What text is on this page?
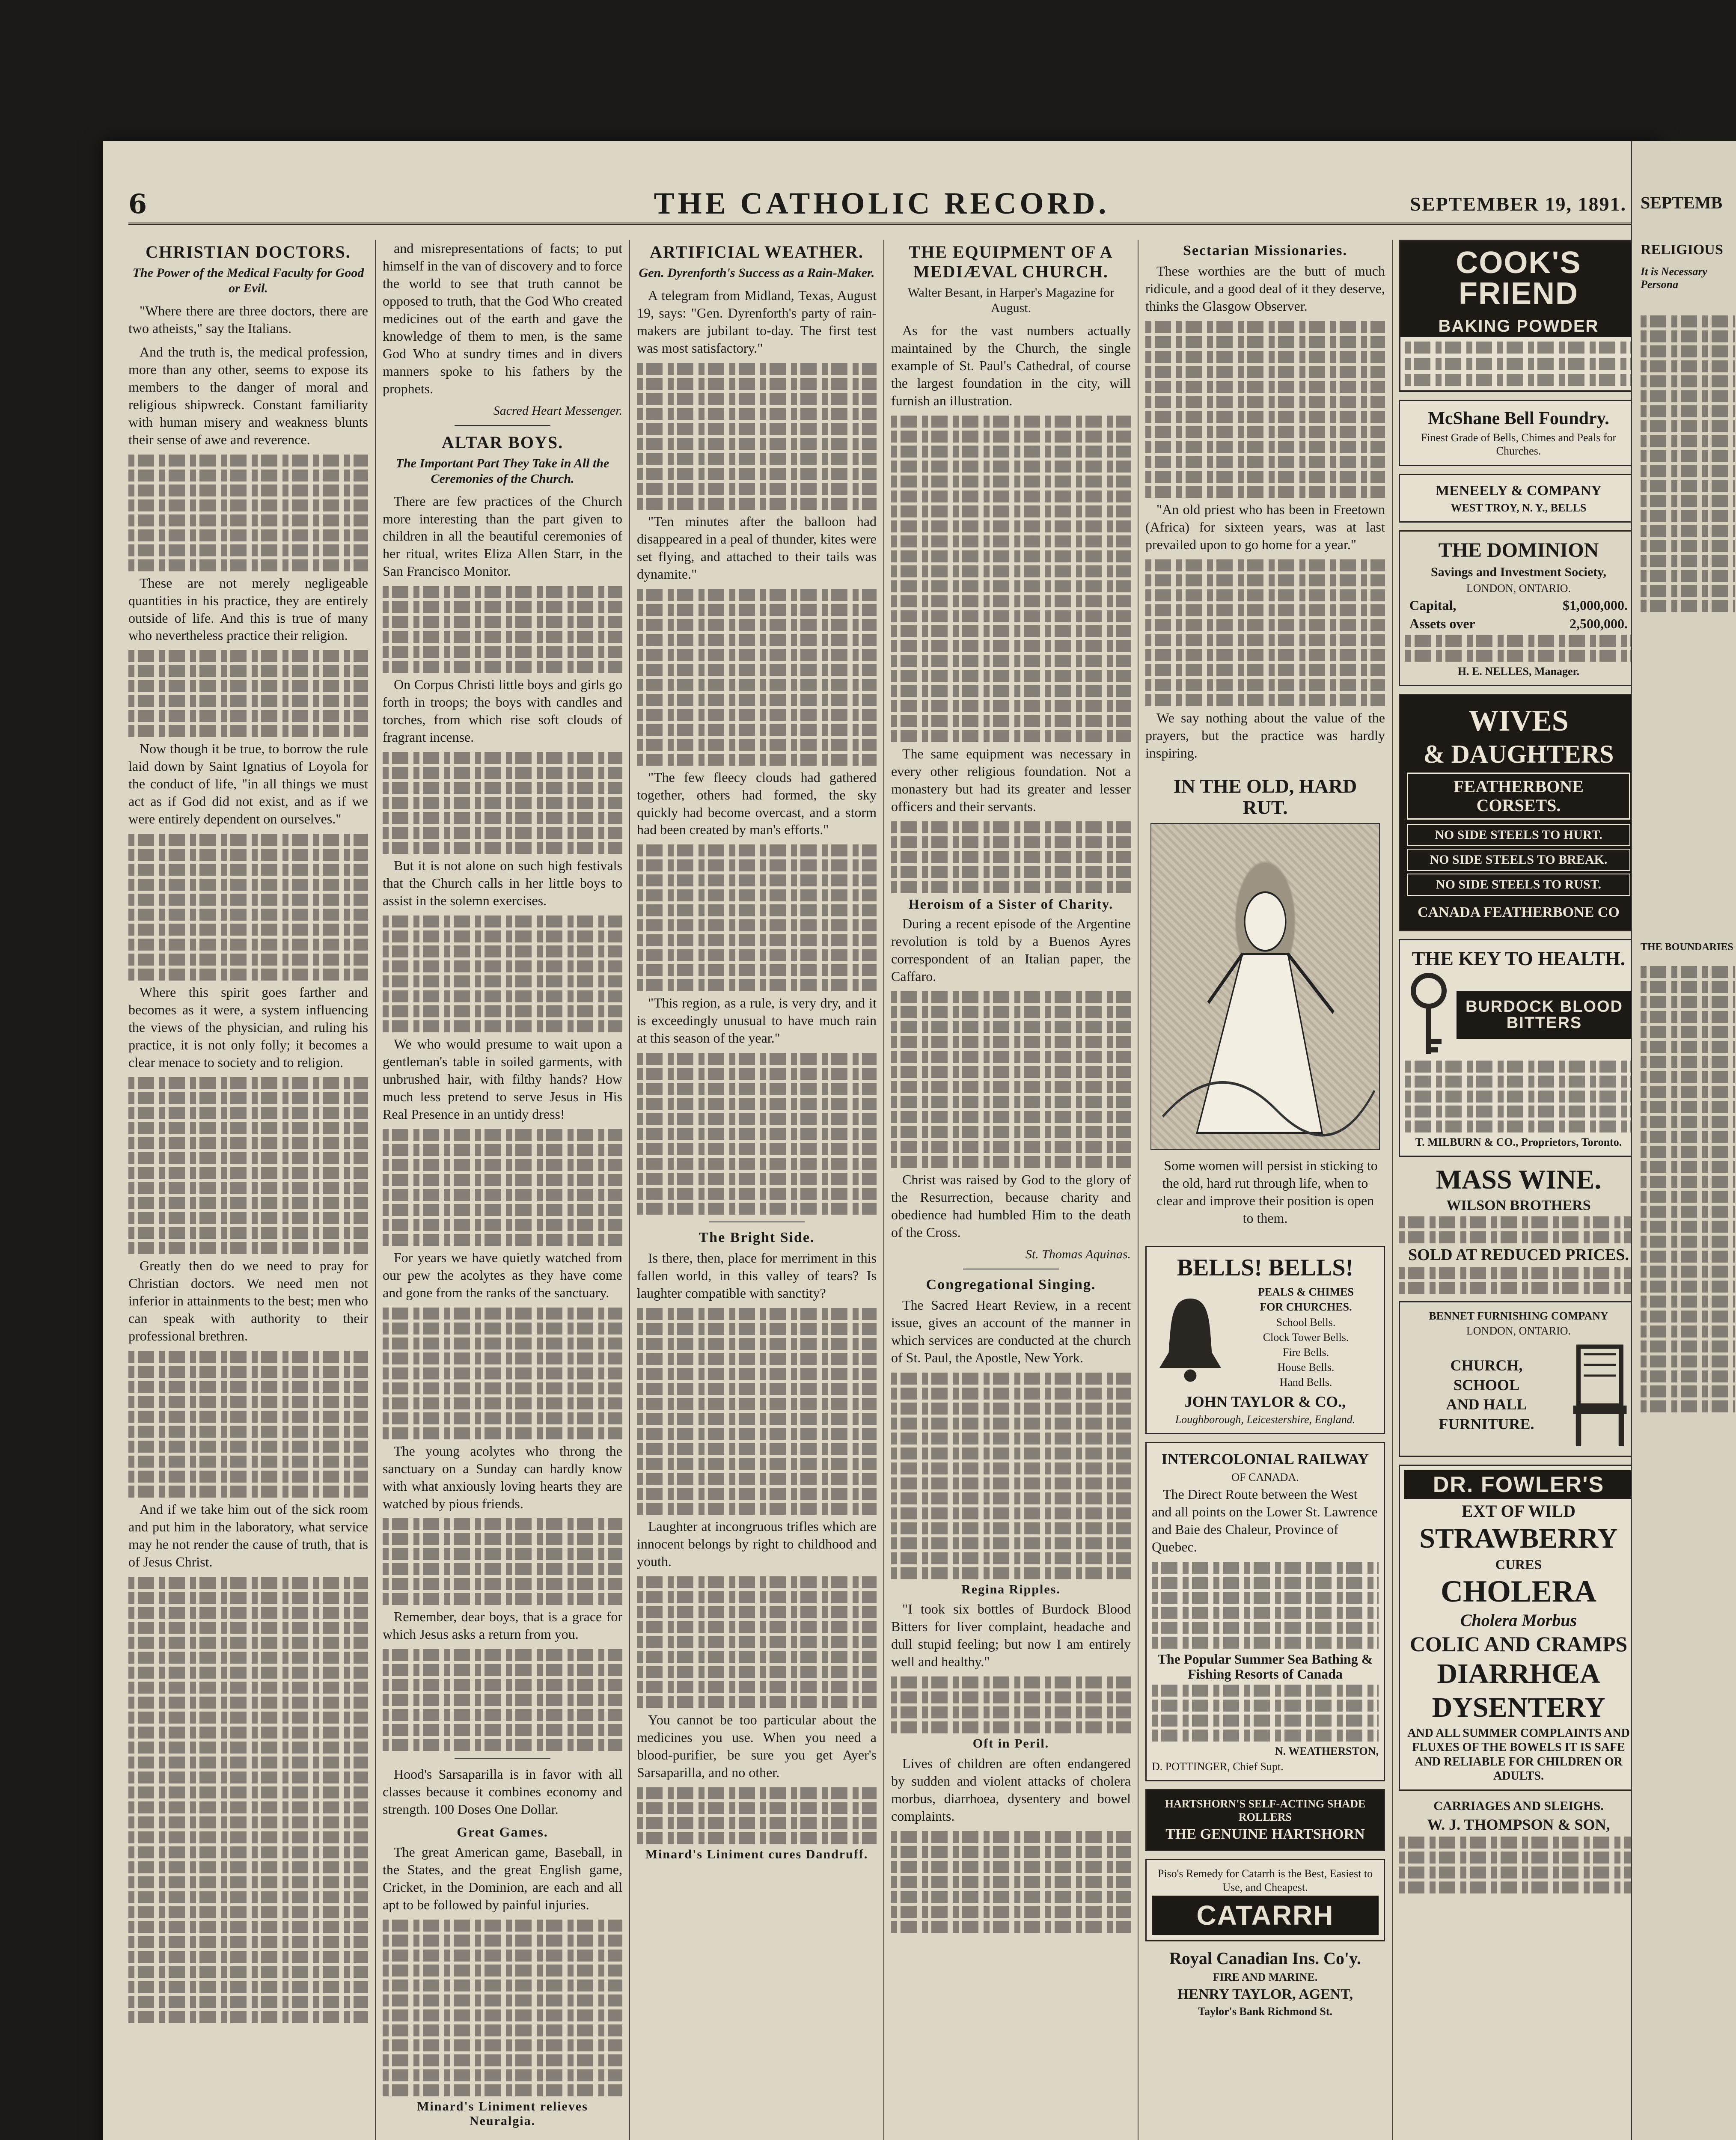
6	THE CATHOLIC RECORD.	SEPTEMBER 19, 1891.
CHRISTIAN DOCTORS.
The Power of the Medical Faculty for Good or Evil.

"Where there are three doctors, there are two atheists," say the Italians.

And the truth is, the medical profession, more than any other, seems to expose its members to the danger of moral and religious shipwreck. Constant familiarity with human misery and weakness blunts their sense of awe and reverence.

These are not merely negligeable quantities in his practice, they are entirely outside of life. And this is true of many who nevertheless practice their religion.

Now though it be true, to borrow the rule laid down by Saint Ignatius of Loyola for the conduct of life, "in all things we must act as if God did not exist, and as if we were entirely dependent on ourselves."

Where this spirit goes farther and becomes as it were, a system influencing the views of the physician, and ruling his practice, it is not only folly; it becomes a clear menace to society and to religion.

Greatly then do we need to pray for Christian doctors. We need men not inferior in attainments to the best; men who can speak with authority to their professional brethren.

And if we take him out of the sick room and put him in the laboratory, what service may he not render the cause of truth, that is of Jesus Christ.

and misrepresentations of facts; to put himself in the van of discovery and to force the world to see that truth cannot be opposed to truth, that the God Who created medicines out of the earth and gave the knowledge of them to men, is the same God Who at sundry times and in divers manners spoke to his fathers by the prophets.

Sacred Heart Messenger.
ALTAR BOYS.
The Important Part They Take in All the Ceremonies of the Church.

There are few practices of the Church more interesting than the part given to children in all the beautiful ceremonies of her ritual, writes Eliza Allen Starr, in the San Francisco Monitor.

On Corpus Christi little boys and girls go forth in troops; the boys with candles and torches, from which rise soft clouds of fragrant incense.

But it is not alone on such high festivals that the Church calls in her little boys to assist in the solemn exercises.

We who would presume to wait upon a gentleman's table in soiled garments, with unbrushed hair, with filthy hands? How much less pretend to serve Jesus in His Real Presence in an untidy dress!

For years we have quietly watched from our pew the acolytes as they have come and gone from the ranks of the sanctuary.

The young acolytes who throng the sanctuary on a Sunday can hardly know with what anxiously loving hearts they are watched by pious friends.

Remember, dear boys, that is a grace for which Jesus asks a return from you.

Hood's Sarsaparilla is in favor with all classes because it combines economy and strength. 100 Doses One Dollar.

Great Games.

The great American game, Baseball, in the States, and the great English game, Cricket, in the Dominion, are each and all apt to be followed by painful injuries.

Minard's Liniment relieves Neuralgia.
ARTIFICIAL WEATHER.
Gen. Dyrenforth's Success as a Rain-Maker.

A telegram from Midland, Texas, August 19, says: "Gen. Dyrenforth's party of rain-makers are jubilant to-day. The first test was most satisfactory."

"Ten minutes after the balloon had disappeared in a peal of thunder, kites were set flying, and attached to their tails was dynamite."

"The few fleecy clouds had gathered together, others had formed, the sky quickly had become overcast, and a storm had been created by man's efforts."

"This region, as a rule, is very dry, and it is exceedingly unusual to have much rain at this season of the year."

The Bright Side.

Is there, then, place for merriment in this fallen world, in this valley of tears? Is laughter compatible with sanctity?

Laughter at incongruous trifles which are innocent belongs by right to childhood and youth.

You cannot be too particular about the medicines you use. When you need a blood-purifier, be sure you get Ayer's Sarsaparilla, and no other.

Minard's Liniment cures Dandruff.
THE EQUIPMENT OF A MEDIÆVAL CHURCH.
Walter Besant, in Harper's Magazine for August.

As for the vast numbers actually maintained by the Church, the single example of St. Paul's Cathedral, of course the largest foundation in the city, will furnish an illustration.

The same equipment was necessary in every other religious foundation. Not a monastery but had its greater and lesser officers and their servants.

Heroism of a Sister of Charity.

During a recent episode of the Argentine revolution is told by a Buenos Ayres correspondent of an Italian paper, the Caffaro.

Christ was raised by God to the glory of the Resurrection, because charity and obedience had humbled Him to the death of the Cross.

St. Thomas Aquinas.
Congregational Singing.

The Sacred Heart Review, in a recent issue, gives an account of the manner in which services are conducted at the church of St. Paul, the Apostle, New York.

Regina Ripples.

"I took six bottles of Burdock Blood Bitters for liver complaint, headache and dull stupid feeling; but now I am entirely well and healthy."

Oft in Peril.

Lives of children are often endangered by sudden and violent attacks of cholera morbus, diarrhoea, dysentery and bowel complaints.

Sectarian Missionaries.

These worthies are the butt of much ridicule, and a good deal of it they deserve, thinks the Glasgow Observer.

"An old priest who has been in Freetown (Africa) for sixteen years, was at last prevailed upon to go home for a year."

We say nothing about the value of the prayers, but the practice was hardly inspiring.

IN THE OLD, HARD RUT.

Some women will persist in sticking to the old, hard rut through life, when to clear and improve their position is open to them.

BELLS! BELLS!
PEALS & CHIMES
FOR CHURCHES.
School Bells.
Clock Tower Bells.
Fire Bells.
House Bells.
Hand Bells.
JOHN TAYLOR & CO.,
Loughborough, Leicestershire, England.
INTERCOLONIAL RAILWAY
OF CANADA.

The Direct Route between the West and all points on the Lower St. Lawrence and Baie des Chaleur, Province of Quebec.

The Popular Summer Sea Bathing & Fishing Resorts of Canada
N. WEATHERSTON,
D. POTTINGER, Chief Supt.
HARTSHORN'S SELF-ACTING SHADE ROLLERS
THE GENUINE HARTSHORN
Piso's Remedy for Catarrh is the Best, Easiest to Use, and Cheapest.
CATARRH
Royal Canadian Ins. Co'y.
FIRE AND MARINE.
HENRY TAYLOR, AGENT,
Taylor's Bank Richmond St.
COOK'S FRIEND
BAKING POWDER
McShane Bell Foundry.
Finest Grade of Bells, Chimes and Peals for Churches.
MENEELY & COMPANY
WEST TROY, N. Y., BELLS
THE DOMINION
Savings and Investment Society,
LONDON, ONTARIO.
Capital,	$1,000,000.
Assets over	2,500,000.
H. E. NELLES, Manager.
WIVES
& DAUGHTERS
FEATHERBONE CORSETS.
NO SIDE STEELS TO HURT.
NO SIDE STEELS TO BREAK.
NO SIDE STEELS TO RUST.
CANADA FEATHERBONE CO
THE KEY TO HEALTH.
BURDOCK BLOOD BITTERS
T. MILBURN & CO., Proprietors, Toronto.
MASS WINE.
WILSON BROTHERS
SOLD AT REDUCED PRICES.
BENNET FURNISHING COMPANY
LONDON, ONTARIO.
CHURCH,
SCHOOL
AND HALL
FURNITURE.
DR. FOWLER'S
EXT OF WILD
STRAWBERRY
CURES
CHOLERA
Cholera Morbus
COLIC AND CRAMPS
DIARRHŒA
DYSENTERY
AND ALL SUMMER COMPLAINTS AND FLUXES OF THE BOWELS IT IS SAFE AND RELIABLE FOR CHILDREN OR ADULTS.
CARRIAGES AND SLEIGHS.
W. J. THOMPSON & SON,
SEPTEMB
RELIGIOUS
It is Necessary Persona
THE BOUNDARIES
